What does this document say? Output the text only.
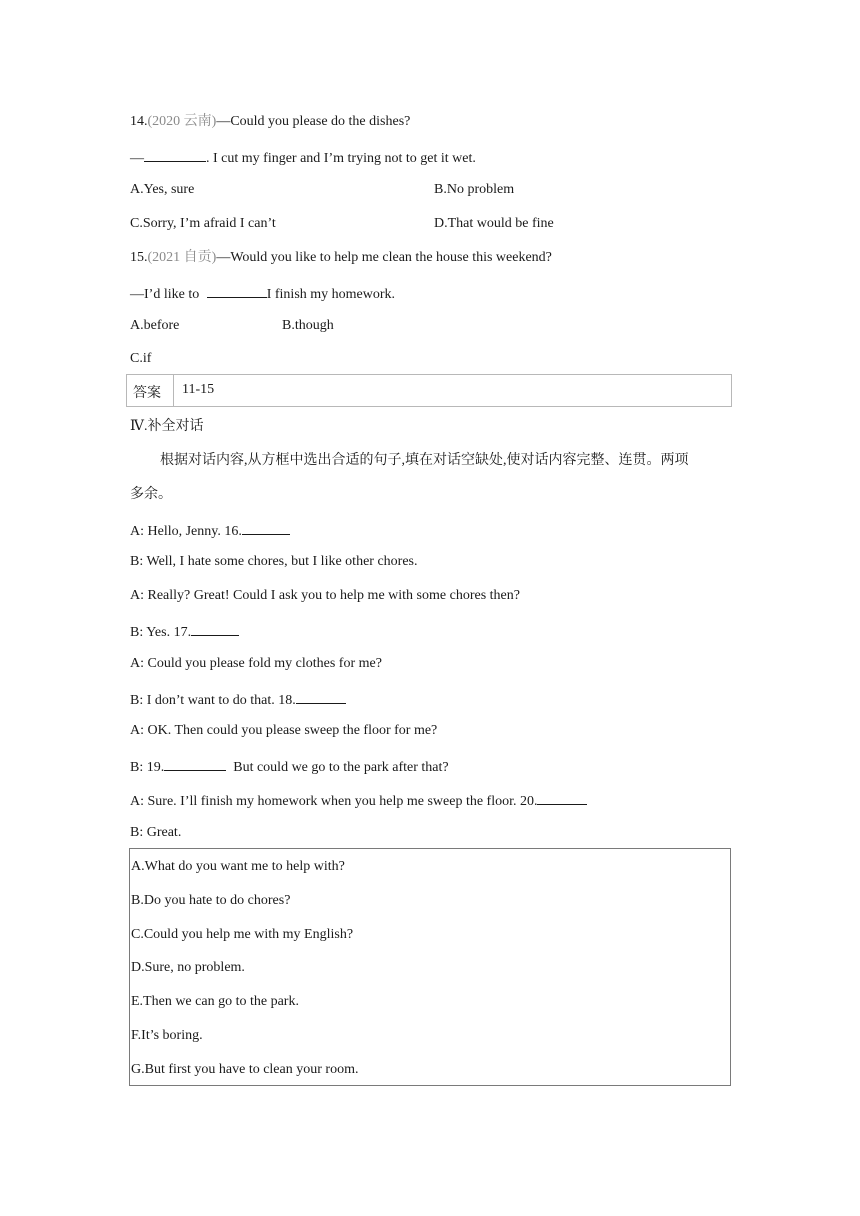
14.(2020 云南)—Could you please do the dishes?
—	. I cut my finger and I’m trying not to get it wet.
A.Yes, sure	B.No problem
C.Sorry, I’m afraid I can’t	D.That would be fine
15.(2021 自贡)—Would you like to help me clean the house this weekend?
—I’d like to	I finish my homework.
A.before	B.though
C.if
答案 11-15
Ⅳ.补全对话
根据对话内容,从方框中选出合适的句子,填在对话空缺处,使对话内容完整、连贯。两项
多余。
A: Hello, Jenny. 16.
B: Well, I hate some chores, but I like other chores.
A: Really? Great! Could I ask you to help me with some chores then?
B: Yes. 17.
A: Could you please fold my clothes for me?
B: I don’t want to do that. 18.
A: OK. Then could you please sweep the floor for me?
B: 19.	But could we go to the park after that?
A: Sure. I’ll finish my homework when you help me sweep the floor. 20.
B: Great.
A.What do you want me to help with?
B.Do you hate to do chores?
C.Could you help me with my English?
D.Sure, no problem.
E.Then we can go to the park.
F.It’s boring.
G.But first you have to clean your room.
